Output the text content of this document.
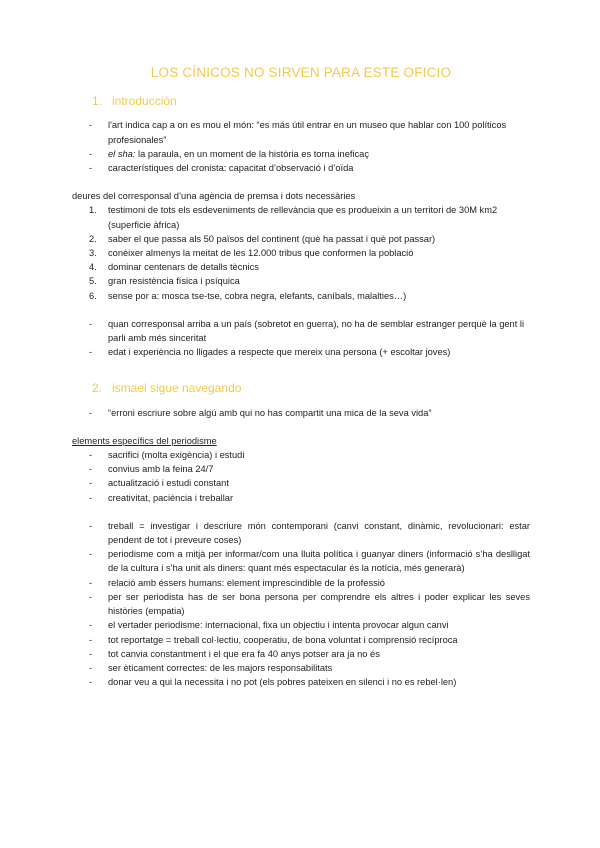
LOS CÍNICOS NO SIRVEN PARA ESTE OFICIO
1. introducción
- l'art indica cap a on es mou el món: “es más útil entrar en un museo que hablar con 100 políticos profesionales”
- el sha: la paraula, en un moment de la història es torna ineficaç
- característiques del cronista: capacitat d’observació i d’oïda

deures del corresponsal d’una agència de premsa i dots necessàries

1. testimoni de tots els esdeveniments de rellevància que es produeixin a un territori de 30M km2 (superficie àfrica)
2. saber el que passa als 50 països del continent (què ha passat i què pot passar)
3. conèixer almenys la meitat de les 12.000 tribus que conformen la població
4. dominar centenars de detalls tècnics
5. gran resistència física i psíquica
6. sense por a: mosca tse-tse, cobra negra, elefants, caníbals, malalties…)
- quan corresponsal arriba a un país (sobretot en guerra), no ha de semblar estranger perquè la gent li parli amb més sinceritat
- edat i experiència no lligades a respecte que mereix una persona (+ escoltar joves)
2. ismael sigue navegando
- “erroni escriure sobre algú amb qui no has compartit una mica de la seva vida”

elements específics del periodisme

- sacrifici (molta exigència) i estudi
- convius amb la feina 24/7
- actualització i estudi constant
- creativitat, paciència i treballar
- treball = investigar i descriure món contemporani (canvi constant, dinàmic, revolucionari: estar pendent de tot i preveure coses)
- periodisme com a mitjà per informar/com una lluita política i guanyar diners (informació s’ha deslligat de la cultura i s’ha unit als diners: quant més espectacular és la notícia, més generarà)
- relació amb éssers humans: element imprescindible de la professió
- per ser periodista has de ser bona persona per comprendre els altres i poder explicar les seves històries (empatia)
- el vertader periodisme: internacional, fixa un objectiu i intenta provocar algun canvi
- tot reportatge = treball col·lectiu, cooperatiu, de bona voluntat i comprensió recíproca
- tot canvia constantment i el que era fa 40 anys potser ara ja no és
- ser èticament correctes: de les majors responsabilitats
- donar veu a qui la necessita i no pot (els pobres pateixen en silenci i no es rebel·len)
